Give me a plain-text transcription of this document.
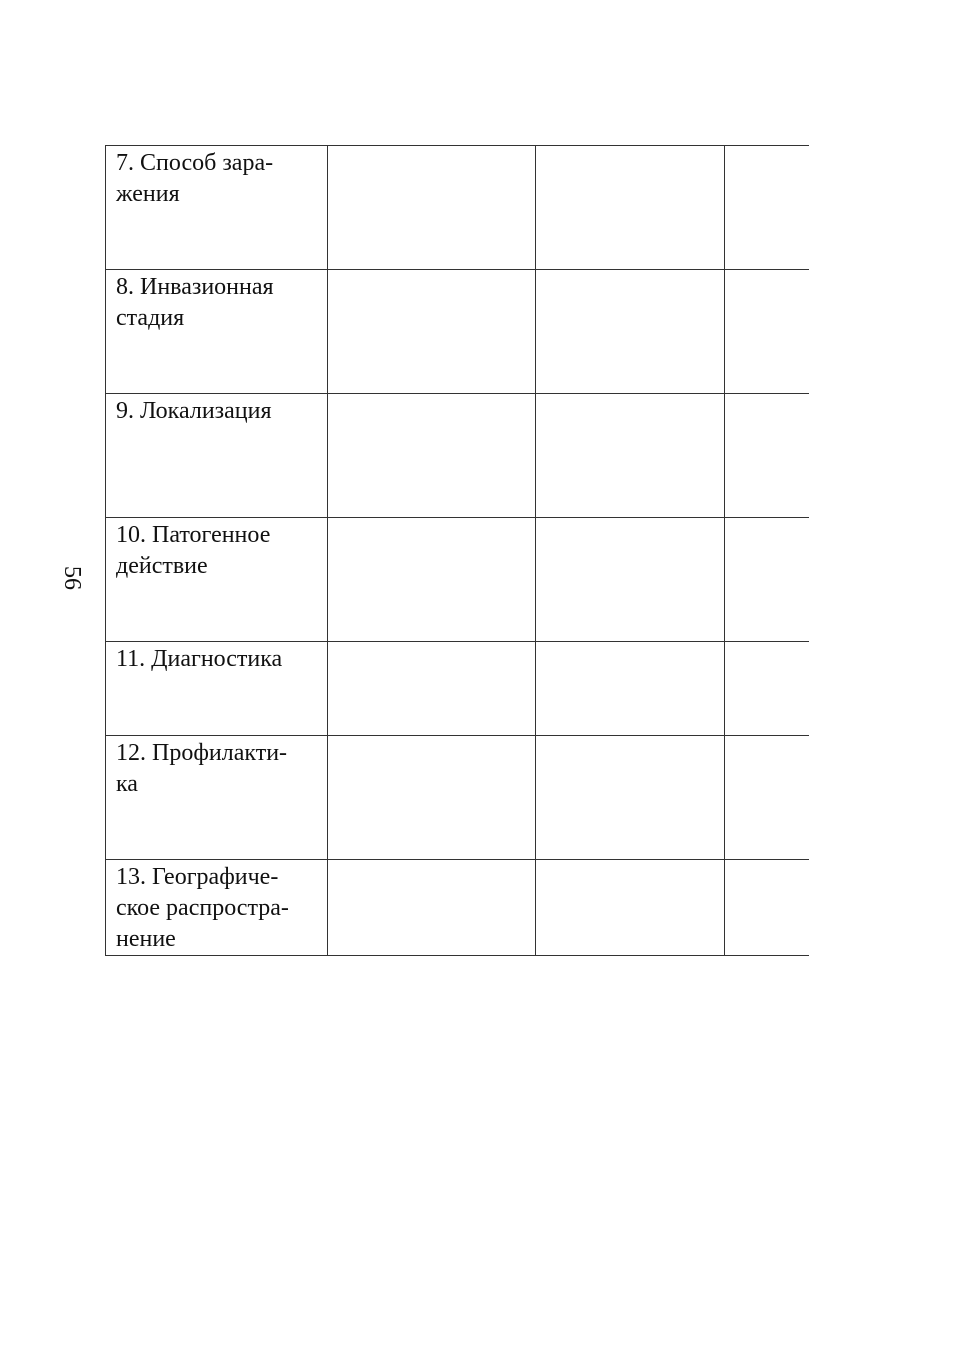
56
7. Способ зара-
жения			
8. Инвазионная
стадия			
9. Локализация			
10. Патогенное
действие			
11. Диагностика			
12. Профилакти-
ка			
13. Географиче-
ское распростра-
нение			
